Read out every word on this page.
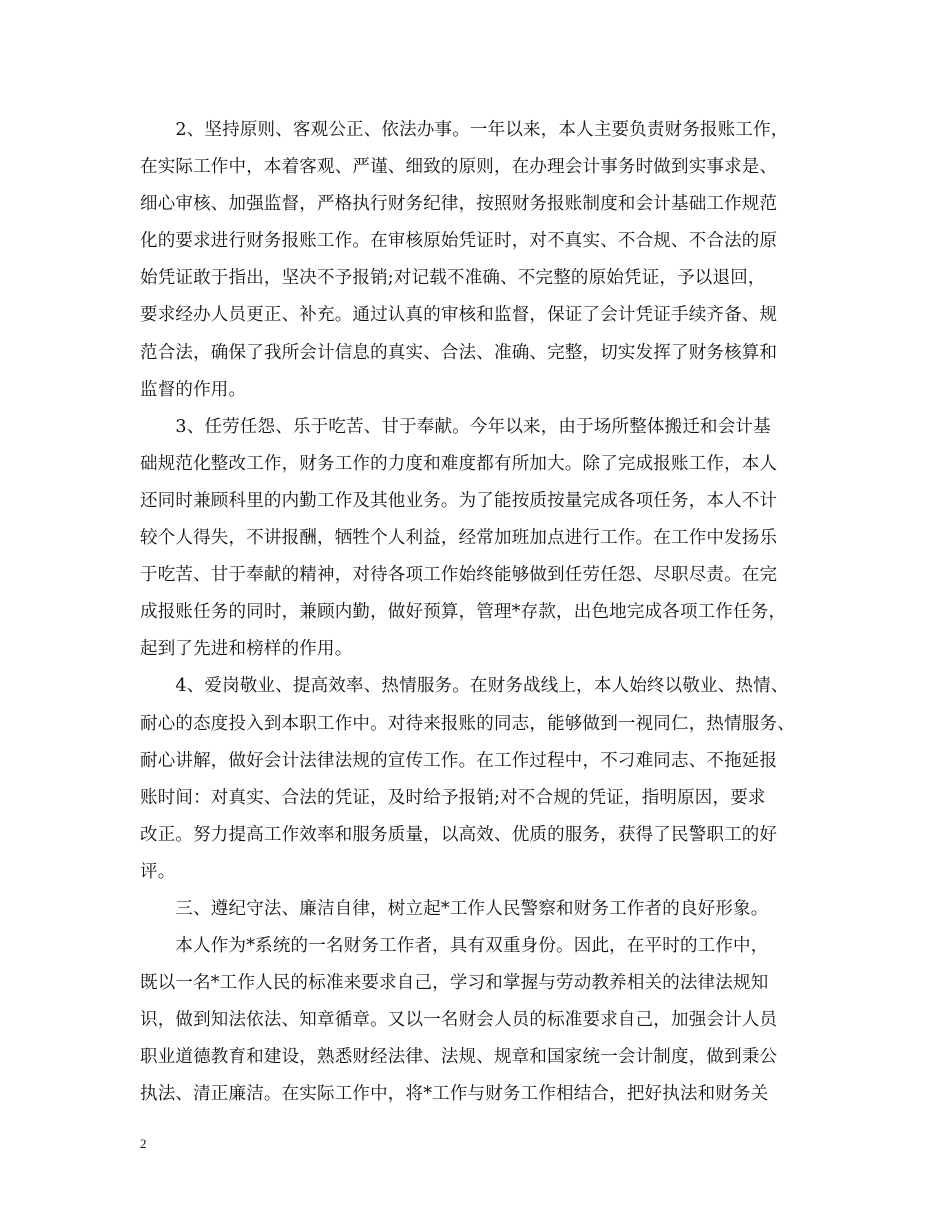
　　2、坚持原则、客观公正、依法办事。一年以来，本人主要负责财务报账工作，
在实际工作中，本着客观、严谨、细致的原则，在办理会计事务时做到实事求是、
细心审核、加强监督，严格执行财务纪律，按照财务报账制度和会计基础工作规范
化的要求进行财务报账工作。在审核原始凭证时，对不真实、不合规、不合法的原
始凭证敢于指出，坚决不予报销;对记载不准确、不完整的原始凭证，予以退回，
要求经办人员更正、补充。通过认真的审核和监督，保证了会计凭证手续齐备、规
范合法，确保了我所会计信息的真实、合法、准确、完整，切实发挥了财务核算和
监督的作用。
　　3、任劳任怨、乐于吃苦、甘于奉献。今年以来，由于场所整体搬迁和会计基
础规范化整改工作，财务工作的力度和难度都有所加大。除了完成报账工作，本人
还同时兼顾科里的内勤工作及其他业务。为了能按质按量完成各项任务，本人不计
较个人得失，不讲报酬，牺牲个人利益，经常加班加点进行工作。在工作中发扬乐
于吃苦、甘于奉献的精神，对待各项工作始终能够做到任劳任怨、尽职尽责。在完
成报账任务的同时，兼顾内勤，做好预算，管理*存款，出色地完成各项工作任务，
起到了先进和榜样的作用。
　　4、爱岗敬业、提高效率、热情服务。在财务战线上，本人始终以敬业、热情、
耐心的态度投入到本职工作中。对待来报账的同志，能够做到一视同仁，热情服务、
耐心讲解，做好会计法律法规的宣传工作。在工作过程中，不刁难同志、不拖延报
账时间：对真实、合法的凭证，及时给予报销;对不合规的凭证，指明原因，要求
改正。努力提高工作效率和服务质量，以高效、优质的服务，获得了民警职工的好
评。
　　三、遵纪守法、廉洁自律，树立起*工作人民警察和财务工作者的良好形象。
　　本人作为*系统的一名财务工作者，具有双重身份。因此，在平时的工作中，
既以一名*工作人民的标准来要求自己，学习和掌握与劳动教养相关的法律法规知
识，做到知法依法、知章循章。又以一名财会人员的标准要求自己，加强会计人员
职业道德教育和建设，熟悉财经法律、法规、规章和国家统一会计制度，做到秉公
执法、清正廉洁。在实际工作中，将*工作与财务工作相结合，把好执法和财务关
2
